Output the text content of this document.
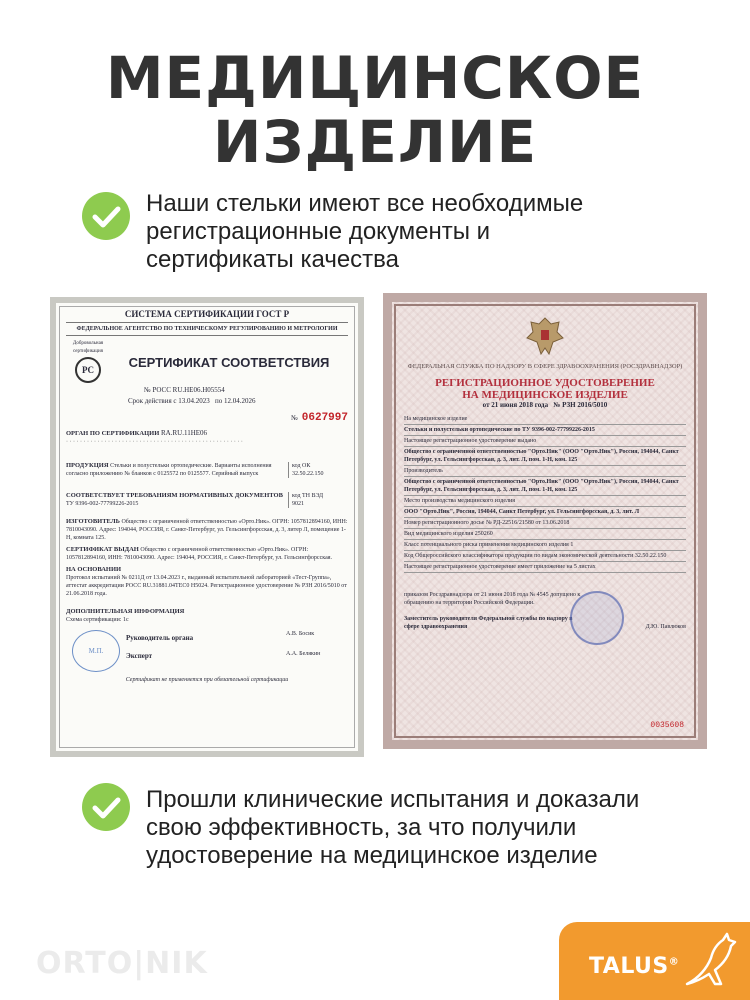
МЕДИЦИНСКОЕ
ИЗДЕЛИЕ
Наши стельки имеют все необходимые
регистрационные документы и
сертификаты качества
СИСТЕМА СЕРТИФИКАЦИИ ГОСТ Р
ФЕДЕРАЛЬНОЕ АГЕНТСТВО ПО ТЕХНИЧЕСКОМУ РЕГУЛИРОВАНИЮ И МЕТРОЛОГИИ
Добровольная сертификация
РС
СЕРТИФИКАТ СООТВЕТСТВИЯ
№ РОСС RU.НЕ06.Н05554
Срок действия с 13.04.2023 по 12.04.2026
№ 0627997
ОРГАН ПО СЕРТИФИКАЦИИ RA.RU.11HE06
· · · · · · · · · · · · · · · · · · · · · · · · · · · · · · · · · · · · · · · · · · · · · · · · · · ·
ПРОДУКЦИЯ Стельки и полустельки ортопедические. Варианты исполнения согласно приложению № бланков с 0125572 по 0125577. Серийный выпуск
код ОК
32.50.22.150
СООТВЕТСТВУЕТ ТРЕБОВАНИЯМ НОРМАТИВНЫХ ДОКУМЕНТОВ
ТУ 9396-002-77799226-2015
код ТН ВЭД
9021
ИЗГОТОВИТЕЛЬ Общество с ограниченной ответственностью «Орто.Ник». ОГРН: 1057812894160, ИНН: 7810043090. Адрес: 194044, РОССИЯ, г. Санкт-Петербург, ул. Гельсингфорсская, д. 3, литер Л, помещение 1-Н, комната 125.
СЕРТИФИКАТ ВЫДАН Общество с ограниченной ответственностью «Орто.Ник». ОГРН: 1057812894160, ИНН: 7810043090. Адрес: 194044, РОССИЯ, г. Санкт-Петербург, ул. Гельсингфорсская.
НА ОСНОВАНИИ
Протокол испытаний № 0211Д от 13.04.2023 г., выданный испытательной лабораторией «Тест-Группа», аттестат аккредитации РОСС RU.31881.04ТЕС0 Н5024. Регистрационное удостоверение № РЗН 2016/5010 от 21.06.2018 года.
ДОПОЛНИТЕЛЬНАЯ ИНФОРМАЦИЯ
Схема сертификации: 1с
М.П.
Руководитель органа	А.В. Босик
Эксперт	А.А. Белякин
Сертификат не применяется при обязательной сертификации
ФЕДЕРАЛЬНАЯ СЛУЖБА ПО НАДЗОРУ В СФЕРЕ ЗДРАВООХРАНЕНИЯ (РОСЗДРАВНАДЗОР)
РЕГИСТРАЦИОННОЕ УДОСТОВЕРЕНИЕ
НА МЕДИЦИНСКОЕ ИЗДЕЛИЕ
от 21 июня 2018 года № РЗН 2016/5010
На медицинское изделие
Стельки и полустельки ортопедические по ТУ 9396-002-77799226-2015
Настоящее регистрационное удостоверение выдано
Общество с ограниченной ответственностью "Орто.Ник" (ООО "Орто.Ник"), Россия, 194044, Санкт Петербург, ул. Гельсингфорсская, д. 3, лит. Л, пом. 1-Н, ком. 125
Производитель
Общество с ограниченной ответственностью "Орто.Ник" (ООО "Орто.Ник"), Россия, 194044, Санкт Петербург, ул. Гельсингфорсская, д. 3, лит. Л, пом. 1-Н, ком. 125
Место производства медицинского изделия
ООО "Орто.Ник", Россия, 194044, Санкт Петербург, ул. Гельсингфорсская, д. 3, лит. Л
Номер регистрационного досье № РД-22516/21580 от 13.06.2018
Вид медицинского изделия 250260
Класс потенциального риска применения медицинского изделия 1
Код Общероссийского классификатора продукции по видам экономической деятельности 32.50.22.150
Настоящее регистрационное удостоверение имеет приложение на 5 листах
приказом Росздравнадзора от 21 июня 2018 года № 4545 допущено к обращению на территории Российской Федерации.
Заместитель руководителя Федеральной службы по надзору в сфере здравоохранения	Д.Ю. Павлюков
0035608
Прошли клинические испытания и доказали
свою эффективность, за что получили
удостоверение на медицинское изделие
ORTO|NIK	TALUS®
